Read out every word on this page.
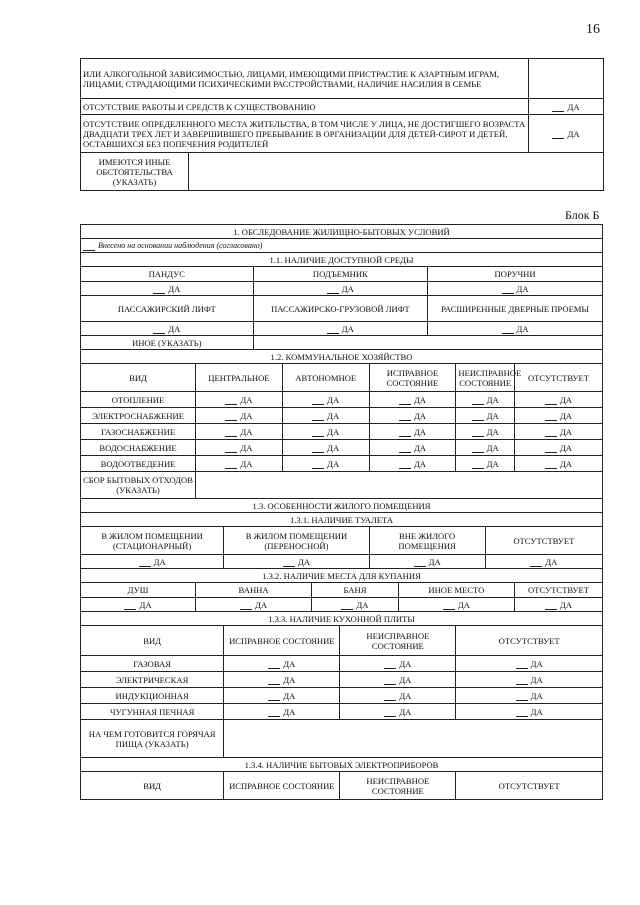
16
ИЛИ АЛКОГОЛЬНОЙ ЗАВИСИМОСТЬЮ, ЛИЦАМИ, ИМЕЮЩИМИ ПРИСТРАСТИЕ К АЗАРТНЫМ ИГРАМ, ЛИЦАМИ, СТРАДАЮЩИМИ ПСИХИЧЕСКИМИ РАССТРОЙСТВАМИ, НАЛИЧИЕ НАСИЛИЯ В СЕМЬЕ		
ОТСУТСТВИЕ РАБОТЫ И СРЕДСТВ К СУЩЕСТВОВАНИЮ		ДА
ОТСУТСТВИЕ ОПРЕДЕЛЕННОГО МЕСТА ЖИТЕЛЬСТВА, В ТОМ ЧИСЛЕ У ЛИЦА, НЕ ДОСТИГШЕГО ВОЗРАСТА ДВАДЦАТИ ТРЕХ ЛЕТ И ЗАВЕРШИВШЕГО ПРЕБЫВАНИЕ В ОРГАНИЗАЦИИ ДЛЯ ДЕТЕЙ-СИРОТ И ДЕТЕЙ, ОСТАВШИХСЯ БЕЗ ПОПЕЧЕНИЯ РОДИТЕЛЕЙ		ДА
ИМЕЮТСЯ ИНЫЕ ОБСТОЯТЕЛЬСТВА (УКАЗАТЬ)		
Блок Б
1. ОБСЛЕДОВАНИЕ ЖИЛИЩНО-БЫТОВЫХ УСЛОВИЙ												
Внесено на основании наблюдения (согласовано)												
1.1. НАЛИЧИЕ ДОСТУПНОЙ СРЕДЫ												
ПАНДУС			ПОДЪЕМНИК						ПОРУЧНИ			
ДА			ДА						ДА			
ПАССАЖИРСКИЙ ЛИФТ			ПАССАЖИРСКО-ГРУЗОВОЙ ЛИФТ						РАСШИРЕННЫЕ ДВЕРНЫЕ ПРОЕМЫ			
ДА			ДА						ДА			
ИНОЕ (УКАЗАТЬ)												
1.2. КОММУНАЛЬНОЕ ХОЗЯЙСТВО												
ВИД	ЦЕНТРАЛЬНОЕ			АВТОНОМНОЕ			ИСПРАВНОЕ СОСТОЯНИЕ			НЕИСПРАВНОЕ СОСТОЯНИЕ		ОТСУТСТВУЕТ
ОТОПЛЕНИЕ	ДА			ДА			ДА			ДА		ДА
ЭЛЕКТРОСНАБЖЕНИЕ	ДА			ДА			ДА			ДА		ДА
ГАЗОСНАБЖЕНИЕ	ДА			ДА			ДА			ДА		ДА
ВОДОСНАБЖЕНИЕ	ДА			ДА			ДА			ДА		ДА
ВОДООТВЕДЕНИЕ	ДА			ДА			ДА			ДА		ДА
СБОР БЫТОВЫХ ОТХОДОВ (УКАЗАТЬ)												
1.3. ОСОБЕННОСТИ ЖИЛОГО ПОМЕЩЕНИЯ												
1.3.1. НАЛИЧИЕ ТУАЛЕТА												
В ЖИЛОМ ПОМЕЩЕНИИ (СТАЦИОНАРНЫЙ)		В ЖИЛОМ ПОМЕЩЕНИИ (ПЕРЕНОСНОЙ)					ВНЕ ЖИЛОГО ПОМЕЩЕНИЯ				ОТСУТСТВУЕТ	
ДА		ДА					ДА				ДА	
1.3.2. НАЛИЧИЕ МЕСТА ДЛЯ КУПАНИЯ												
ДУШ	ВАННА				БАНЯ			ИНОЕ МЕСТО				ОТСУТСТВУЕТ
ДА	ДА				ДА			ДА				ДА
1.3.3. НАЛИЧИЕ КУХОННОЙ ПЛИТЫ												
ВИД		ИСПРАВНОЕ СОСТОЯНИЕ				НЕИСПРАВНОЕ СОСТОЯНИЕ				ОТСУТСТВУЕТ		
ГАЗОВАЯ		ДА				ДА				ДА		
ЭЛЕКТРИЧЕСКАЯ		ДА				ДА				ДА		
ИНДУКЦИОННАЯ		ДА				ДА				ДА		
ЧУГУННАЯ ПЕЧНАЯ		ДА				ДА				ДА		
НА ЧЕМ ГОТОВИТСЯ ГОРЯЧАЯ ПИЩА (УКАЗАТЬ)												
1.3.4. НАЛИЧИЕ БЫТОВЫХ ЭЛЕКТРОПРИБОРОВ												
ВИД		ИСПРАВНОЕ СОСТОЯНИЕ				НЕИСПРАВНОЕ СОСТОЯНИЕ				ОТСУТСТВУЕТ		
